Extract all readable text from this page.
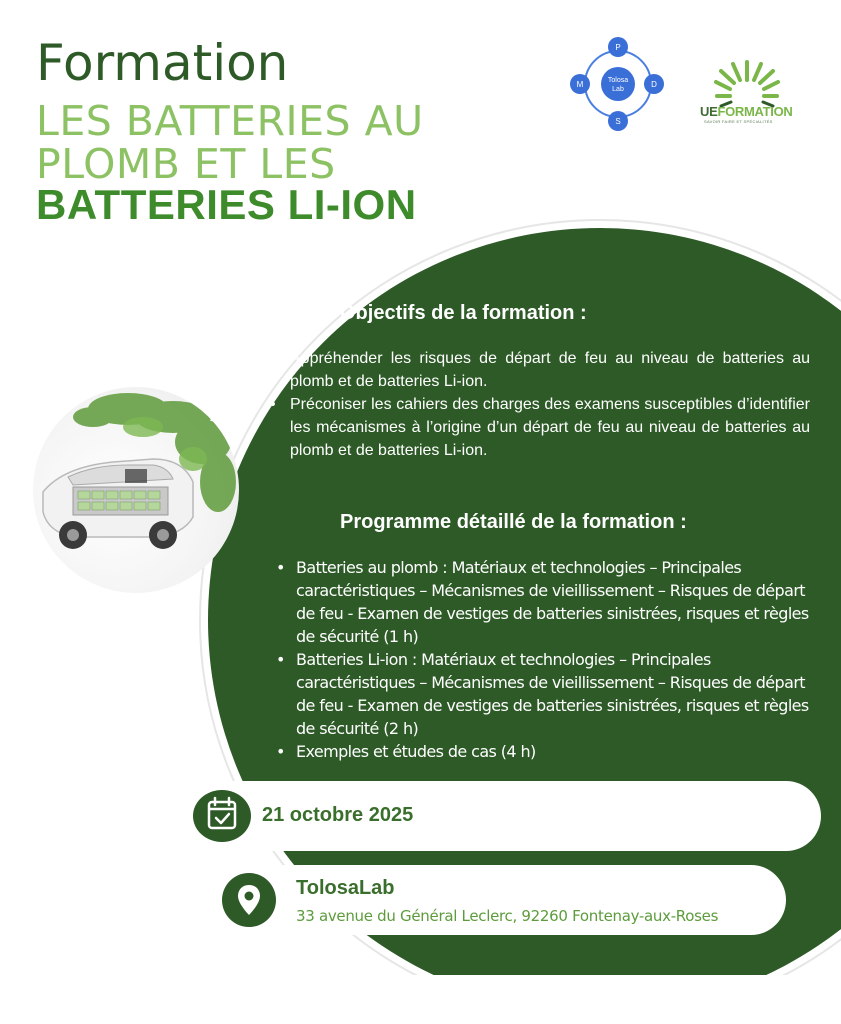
Formation
LES BATTERIES AU
PLOMB ET LES
BATTERIES LI-ION
Tolosa
Lab
P
D
S
M
UEFORMATION
SAVOIR FAIRE ET SPÉCIALITÉS
Objectifs de la formation :
• Appréhender les risques de départ de feu au niveau de batteries au plomb et de batteries Li-ion.
• Préconiser les cahiers des charges des examens susceptibles d’identifier les mécanismes à l’origine d’un départ de feu au niveau de batteries au plomb et de batteries Li-ion.
Programme détaillé de la formation :
• Batteries au plomb : Matériaux et technologies – Principales caractéristiques – Mécanismes de vieillissement – Risques de départ de feu - Examen de vestiges de batteries sinistrées, risques et règles de sécurité (1 h)
• Batteries Li-ion : Matériaux et technologies – Principales caractéristiques – Mécanismes de vieillissement – Risques de départ de feu - Examen de vestiges de batteries sinistrées, risques et règles de sécurité (2 h)
• Exemples et études de cas (4 h)
21 octobre 2025
TolosaLab
33 avenue du Général Leclerc, 92260 Fontenay-aux-Roses
